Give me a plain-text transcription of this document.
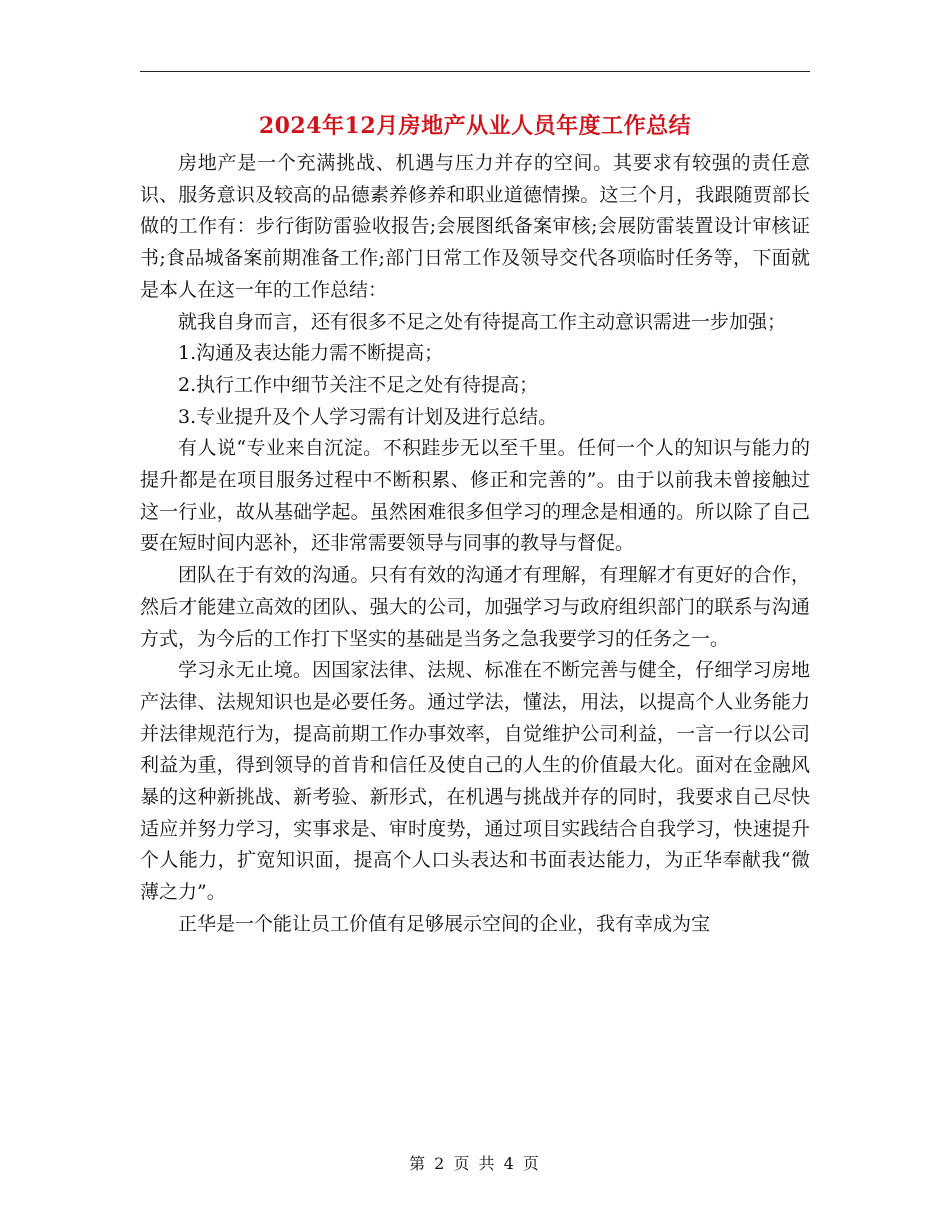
2024年12月房地产从业人员年度工作总结

房地产是一个充满挑战、机遇与压力并存的空间。其要求有较强的责任意识、服务意识及较高的品德素养修养和职业道德情操。这三个月，我跟随贾部长做的工作有：步行街防雷验收报告;会展图纸备案审核;会展防雷装置设计审核证书;食品城备案前期准备工作;部门日常工作及领导交代各项临时任务等，下面就是本人在这一年的工作总结：

就我自身而言，还有很多不足之处有待提高工作主动意识需进一步加强；

1.沟通及表达能力需不断提高；

2.执行工作中细节关注不足之处有待提高；

3.专业提升及个人学习需有计划及进行总结。

有人说“专业来自沉淀。不积跬步无以至千里。任何一个人的知识与能力的提升都是在项目服务过程中不断积累、修正和完善的”。由于以前我未曾接触过这一行业，故从基础学起。虽然困难很多但学习的理念是相通的。所以除了自己要在短时间内恶补，还非常需要领导与同事的教导与督促。

团队在于有效的沟通。只有有效的沟通才有理解，有理解才有更好的合作，然后才能建立高效的团队、强大的公司，加强学习与政府组织部门的联系与沟通方式，为今后的工作打下坚实的基础是当务之急我要学习的任务之一。

学习永无止境。因国家法律、法规、标准在不断完善与健全，仔细学习房地产法律、法规知识也是必要任务。通过学法，懂法，用法，以提高个人业务能力并法律规范行为，提高前期工作办事效率，自觉维护公司利益，一言一行以公司利益为重，得到领导的首肯和信任及使自己的人生的价值最大化。面对在金融风暴的这种新挑战、新考验、新形式，在机遇与挑战并存的同时，我要求自己尽快适应并努力学习，实事求是、审时度势，通过项目实践结合自我学习，快速提升个人能力，扩宽知识面，提高个人口头表达和书面表达能力，为正华奉献我“微薄之力”。

正华是一个能让员工价值有足够展示空间的企业，我有幸成为宝

第 2 页 共 4 页
